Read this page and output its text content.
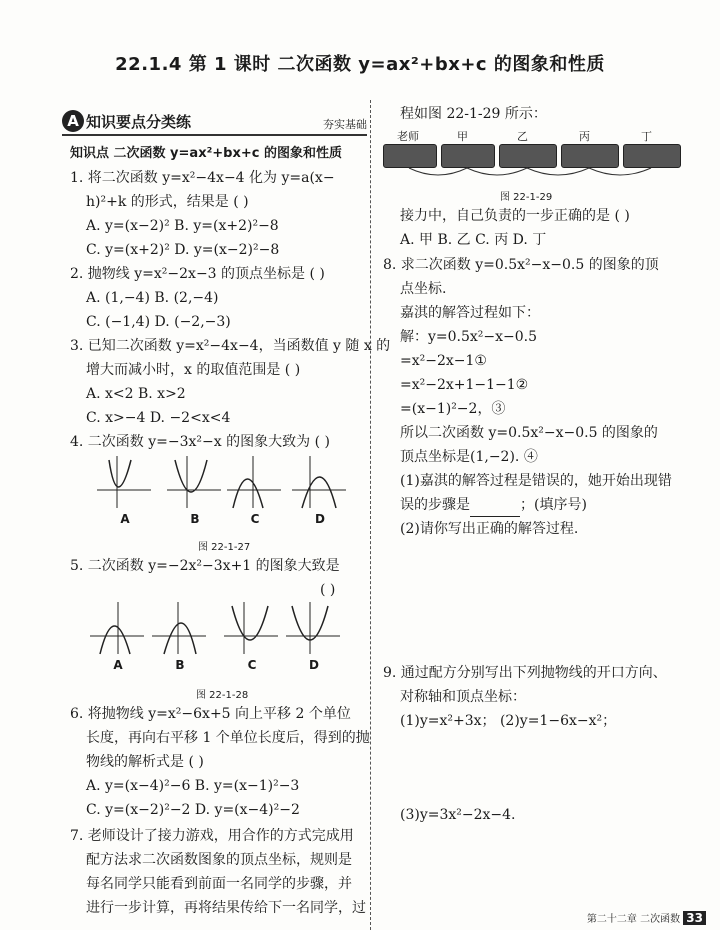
22.1.4 第 1 课时 二次函数 y=ax²+bx+c 的图象和性质
A 知识要点分类练	夯实基础
知识点 二次函数 y=ax²+bx+c 的图象和性质
1. 将二次函数 y=x²−4x−4 化为 y=a(x−
h)²+k 的形式，结果是 ( )
A. y=(x−2)² B. y=(x+2)²−8
C. y=(x+2)² D. y=(x−2)²−8
2. 抛物线 y=x²−2x−3 的顶点坐标是 ( )
A. (1,−4) B. (2,−4)
C. (−1,4) D. (−2,−3)
3. 已知二次函数 y=x²−4x−4，当函数值 y 随 x 的
增大而减小时，x 的取值范围是 ( )
A. x<2 B. x>2
C. x>−4 D. −2<x<4
4. 二次函数 y=−3x²−x 的图象大致为 ( )
A	B	C	D
图 22-1-27
5. 二次函数 y=−2x²−3x+1 的图象大致是
( )
A	B	C	D
图 22-1-28
6. 将抛物线 y=x²−6x+5 向上平移 2 个单位
长度，再向右平移 1 个单位长度后，得到的抛
物线的解析式是 ( )
A. y=(x−4)²−6 B. y=(x−1)²−3
C. y=(x−2)²−2 D. y=(x−4)²−2
7. 老师设计了接力游戏，用合作的方式完成用
配方法求二次函数图象的顶点坐标，规则是
每名同学只能看到前面一名同学的步骤，并
进行一步计算，再将结果传给下一名同学，过
程如图 22-1-29 所示：
老师	甲	乙	丙	丁
图 22-1-29
接力中，自己负责的一步正确的是 ( )
A. 甲 B. 乙 C. 丙 D. 丁
8. 求二次函数 y=0.5x²−x−0.5 的图象的顶
点坐标.
嘉淇的解答过程如下：
解：y=0.5x²−x−0.5
=x²−2x−1①
=x²−2x+1−1−1②
=(x−1)²−2，③
所以二次函数 y=0.5x²−x−0.5 的图象的
顶点坐标是(1,−2). ④
(1)嘉淇的解答过程是错误的，她开始出现错
误的步骤是	；(填序号)
(2)请你写出正确的解答过程.
9. 通过配方分别写出下列抛物线的开口方向、
对称轴和顶点坐标：
(1)y=x²+3x； (2)y=1−6x−x²；
(3)y=3x²−2x−4.
第二十二章 二次函数 33
